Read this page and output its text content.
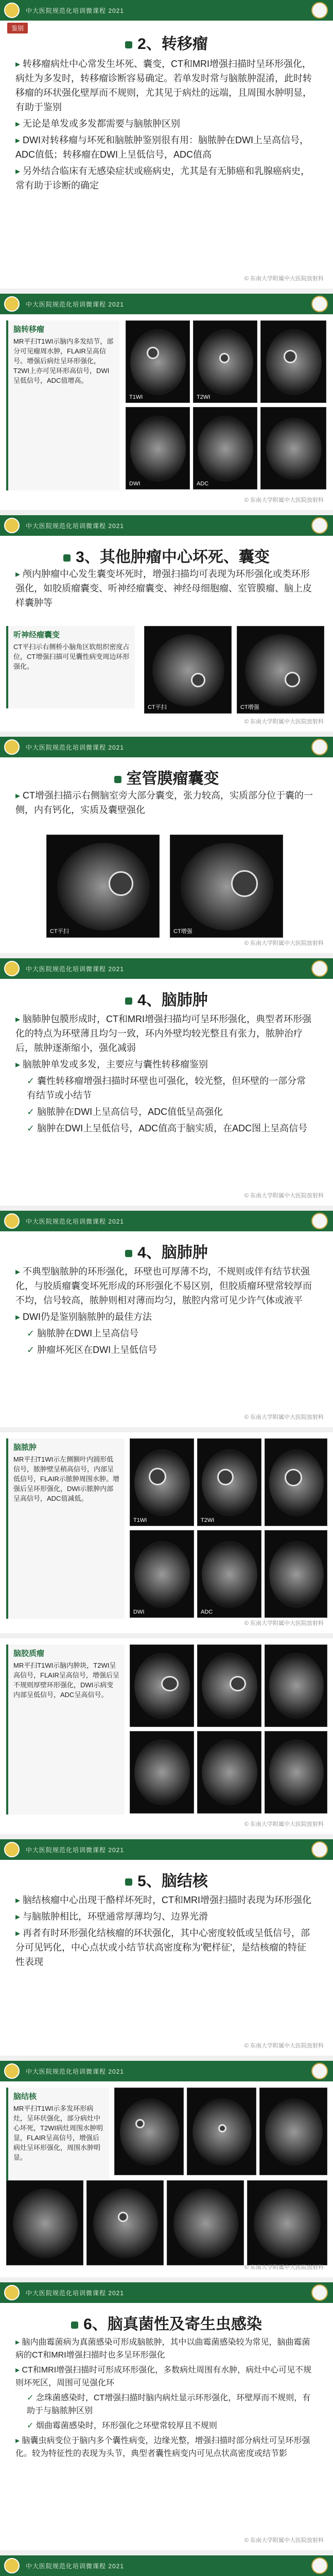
中大医院规范化培训微课程 2021
鉴别
2、转移瘤

▸ 转移瘤病灶中心常发生坏死、囊变，CT和MRI增强扫描时呈环形强化，病灶为多发时，转移瘤诊断容易确定。若单发时常与脑脓肿混淆，此时转移瘤的环状强化壁厚而不规则，尤其见于病灶的远端，且周围水肿明显，有助于鉴别

▸ 无论是单发或多发都需要与脑脓肿区别

▸ DWI对转移瘤与坏死和脑脓肿鉴别很有用：脑脓肿在DWI上呈高信号，ADC值低；转移瘤在DWI上呈低信号，ADC值高

▸ 另外结合临床有无感染症状或癌病史，尤其是有无肺癌和乳腺癌病史，常有助于诊断的确定

© 东南大学附属中大医院放射科
中大医院规范化培训微课程 2021
脑转移瘤
MR平扫T1WI示脑内多发结节，部分可见瘤周水肿，FLAIR呈高信号。增强后病灶呈环形强化，T2WI上亦可见环形高信号，DWI呈低信号，ADC值增高。
T1WI	T2WI
DWI	ADC
© 东南大学附属中大医院放射科
中大医院规范化培训微课程 2021
3、其他肿瘤中心坏死、囊变

▸ 颅内肿瘤中心发生囊变坏死时，增强扫描均可表现为环形强化或类环形强化，如胶质瘤囊变、听神经瘤囊变、神经母细胞瘤、室管膜瘤、脑上皮样囊肿等

听神经瘤囊变
CT平扫示右侧桥小脑角区软组织密度占位，CT增强扫描可见囊性病变周边环形强化。
CT平扫	CT增强
© 东南大学附属中大医院放射科
中大医院规范化培训微课程 2021
室管膜瘤囊变

▸ CT增强扫描示右侧脑室旁大部分囊变，张力较高，实质部分位于囊的一侧，内有钙化，实质及囊壁强化

CT平扫	CT增强
© 东南大学附属中大医院放射科
中大医院规范化培训微课程 2021
4、脑肺肿

▸ 脑肺肿包膜形成时，CT和MRI增强扫描均可呈环形强化，典型者环形强化的特点为环壁薄且均匀一致，环内外壁均较光整且有张力，脓肿治疗后，脓肿逐渐缩小，强化减弱

▸ 脑脓肿单发或多发，主要应与囊性转移瘤鉴别

✓ 囊性转移瘤增强扫描时环壁也可强化，较光整，但环壁的一部分常有结节或小结节

✓ 脑脓肿在DWI上呈高信号，ADC值低呈高强化

✓ 脑肿在DWI上呈低信号，ADC值高于脑实质，在ADC图上呈高信号

© 东南大学附属中大医院放射科
中大医院规范化培训微课程 2021
4、脑肺肿

▸ 不典型脑脓肿的环形强化，环壁也可厚薄不均，不规则或伴有结节状强化，与胶质瘤囊变坏死形成的环形强化不易区别，但胶质瘤环壁常较厚而不均，信号较高，脓肿则相对薄而均匀，脓腔内常可见少许气体或液平

▸ DWI仍是鉴别脑脓肿的最佳方法

✓ 脑脓肿在DWI上呈高信号

✓ 肿瘤坏死区在DWI上呈低信号

© 东南大学附属中大医院放射科
脑脓肿
MR平扫T1WI示左侧额叶内圆形低信号，脓肿壁呈稍高信号，内部呈低信号，FLAIR示脓肿周围水肿。增强后呈环形强化，DWI示脓肿内部呈高信号，ADC值减低。
T1WI	T2WI
DWI	ADC
© 东南大学附属中大医院放射科
脑胶质瘤
MR平扫T1WI示脑内肿块，T2WI呈高信号，FLAIR呈高信号，增强后呈不规则厚壁环形强化，DWI示病变内部呈低信号，ADC呈高信号。
© 东南大学附属中大医院放射科
中大医院规范化培训微课程 2021
5、脑结核

▸ 脑结核瘤中心出现干酪样坏死时，CT和MRI增强扫描时表现为环形强化

▸ 与脑脓肿相比，环壁通常厚薄均匀、边界光滑

▸ 再者有时环形强化结核瘤的环状强化，其中心密度较低或呈低信号，部分可见钙化，中心点状或小结节状高密度称为'靶样征'，是结核瘤的特征性表现

© 东南大学附属中大医院放射科
中大医院规范化培训微课程 2021
脑结核
MR平扫T1WI示多发环形病灶，呈环状强化，部分病灶中心坏死，T2WI病灶周围水肿明显，FLAIR呈高信号，增强后病灶呈环形强化，周围水肿明显。
© 东南大学附属中大医院放射科
中大医院规范化培训微课程 2021
6、脑真菌性及寄生虫感染

▸ 脑内曲霉菌病为真菌感染可形成脑脓肿，其中以曲霉菌感染较为常见，脑曲霉菌病的CT和MRI增强扫描时也多呈环形强化

▸ CT和MRI增强扫描时可形成环形强化，多数病灶周围有水肿，病灶中心可见不规则坏死区，周围可见强化环

✓ 念珠菌感染时，CT增强扫描时脑内病灶显示环形强化，环壁厚而不规则，有助于与脑脓肿区别

✓ 烟曲霉菌感染时，环形强化之环壁常较厚且不规则

▸ 脑囊虫病变位于脑内多个囊性病变，边缘光整，增强扫描时部分病灶可呈环形强化。较为特征性的表现为头节，典型者囊性病变内可见点状高密度或结节影

© 东南大学附属中大医院放射科
中大医院规范化培训微课程 2021
